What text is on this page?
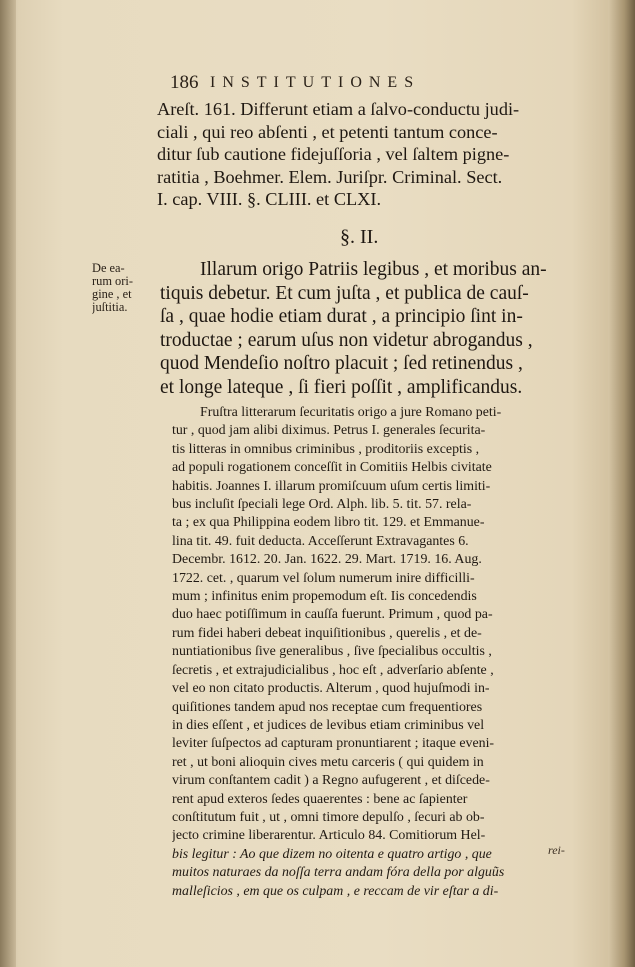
186 INSTITUTIONES
Areſt. 161. Differunt etiam a ſalvo-conductu judi-
ciali , qui reo abſenti , et petenti tantum conce-
ditur ſub cautione fidejuſſoria , vel ſaltem pigne-
ratitia , Boehmer. Elem. Juriſpr. Criminal. Sect.
I. cap. VIII. §. CLIII. et CLXI.
§. II.
De ea-
rum ori-
gine , et
juſtitia.
Illarum origo Patriis legibus , et moribus an-
tiquis debetur. Et cum juſta , et publica de cauſ-
ſa , quae hodie etiam durat , a principio ſint in-
troductae ; earum uſus non videtur abrogandus ,
quod Mendeſio noſtro placuit ; ſed retinendus ,
et longe lateque , ſi fieri poſſit , amplificandus.
Fruſtra litterarum ſecuritatis origo a jure Romano peti-
tur , quod jam alibi diximus. Petrus I. generales ſecurita-
tis litteras in omnibus criminibus , proditoriis exceptis ,
ad populi rogationem conceſſit in Comitiis Helbis civitate
habitis. Joannes I. illarum promiſcuum uſum certis limiti-
bus incluſit ſpeciali lege Ord. Alph. lib. 5. tit. 57. rela-
ta ; ex qua Philippina eodem libro tit. 129. et Emmanue-
lina tit. 49. fuit deducta. Acceſſerunt Extravagantes 6.
Decembr. 1612. 20. Jan. 1622. 29. Mart. 1719. 16. Aug.
1722. cet. , quarum vel ſolum numerum inire difficilli-
mum ; infinitus enim propemodum eſt. Iis concedendis
duo haec potiſſimum in cauſſa fuerunt. Primum , quod pa-
rum fidei haberi debeat inquiſitionibus , querelis , et de-
nuntiationibus ſive generalibus , ſive ſpecialibus occultis ,
ſecretis , et extrajudicialibus , hoc eſt , adverſario abſente ,
vel eo non citato productis. Alterum , quod hujuſmodi in-
quiſitiones tandem apud nos receptae cum frequentiores
in dies eſſent , et judices de levibus etiam criminibus vel
leviter ſuſpectos ad capturam pronuntiarent ; itaque eveni-
ret , ut boni alioquin cives metu carceris ( qui quidem in
virum conſtantem cadit ) a Regno aufugerent , et diſcede-
rent apud exteros ſedes quaerentes : bene ac ſapienter
conſtitutum fuit , ut , omni timore depulſo , ſecuri ab ob-
jecto crimine liberarentur. Articulo 84. Comitiorum Hel-
bis legitur : Ao que dizem no oitenta e quatro artigo , que
muitos naturaes da noſſa terra andam fóra della por alguũs
malleſicios , em que os culpam , e reccam de vir eſtar a di-
rei-
